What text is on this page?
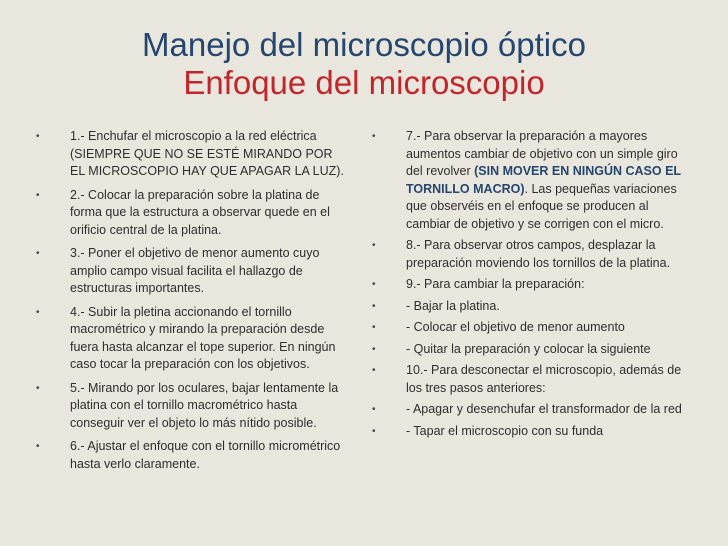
Manejo del microscopio óptico
Enfoque del microscopio
• 1.- Enchufar el microscopio a la red eléctrica (SIEMPRE QUE NO SE ESTÉ MIRANDO POR EL MICROSCOPIO HAY QUE APAGAR LA LUZ).
• 2.- Colocar la preparación sobre la platina de forma que la estructura a observar quede en el orificio central de la platina.
• 3.- Poner el objetivo de menor aumento cuyo amplio campo visual facilita el hallazgo de estructuras importantes.
• 4.- Subir la pletina accionando el tornillo macrométrico y mirando la preparación desde fuera hasta alcanzar el tope superior. En ningún caso tocar la preparación con los objetivos.
• 5.- Mirando por los oculares, bajar lentamente la platina con el tornillo macrométrico hasta conseguir ver el objeto lo más nítido posible.
• 6.- Ajustar el enfoque con el tornillo micrométrico hasta verlo claramente.
• 7.- Para observar la preparación a mayores aumentos cambiar de objetivo con un simple giro del revolver (SIN MOVER EN NINGÚN CASO EL TORNILLO MACRO). Las pequeñas variaciones que observéis en el enfoque se producen al cambiar de objetivo y se corrigen con el micro.
• 8.- Para observar otros campos, desplazar la preparación moviendo los tornillos de la platina.
• 9.- Para cambiar la preparación:
• - Bajar la platina.
• - Colocar el objetivo de menor aumento
• - Quitar la preparación y colocar la siguiente
• 10.- Para desconectar el microscopio, además de los tres pasos anteriores:
• - Apagar y desenchufar el transformador de la red
• - Tapar el microscopio con su funda
